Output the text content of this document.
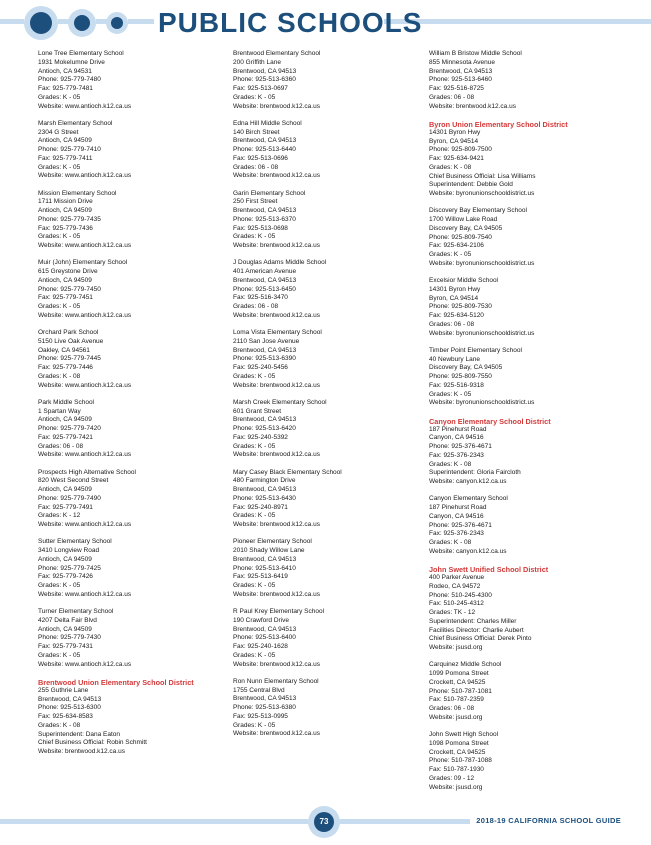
PUBLIC SCHOOLS
Lone Tree Elementary School
1931 Mokelumne Drive
Antioch, CA 94531
Phone: 925-779-7480
Fax: 925-779-7481
Grades: K - 05
Website: www.antioch.k12.ca.us
Marsh Elementary School
2304 G Street
Antioch, CA 94509
Phone: 925-779-7410
Fax: 925-779-7411
Grades: K - 05
Website: www.antioch.k12.ca.us
Mission Elementary School
1711 Mission Drive
Antioch, CA 94509
Phone: 925-779-7435
Fax: 925-779-7436
Grades: K - 05
Website: www.antioch.k12.ca.us
Muir (John) Elementary School
615 Greystone Drive
Antioch, CA 94509
Phone: 925-779-7450
Fax: 925-779-7451
Grades: K - 05
Website: www.antioch.k12.ca.us
Orchard Park School
5150 Live Oak Avenue
Oakley, CA 94561
Phone: 925-779-7445
Fax: 925-779-7446
Grades: K - 08
Website: www.antioch.k12.ca.us
Park Middle School
1 Spartan Way
Antioch, CA 94509
Phone: 925-779-7420
Fax: 925-779-7421
Grades: 06 - 08
Website: www.antioch.k12.ca.us
Prospects High Alternative School
820 West Second Street
Antioch, CA 94509
Phone: 925-779-7490
Fax: 925-779-7491
Grades: K - 12
Website: www.antioch.k12.ca.us
Sutter Elementary School
3410 Longview Road
Antioch, CA 94509
Phone: 925-779-7425
Fax: 925-779-7426
Grades: K - 05
Website: www.antioch.k12.ca.us
Turner Elementary School
4207 Delta Fair Blvd
Antioch, CA 94509
Phone: 925-779-7430
Fax: 925-779-7431
Grades: K - 05
Website: www.antioch.k12.ca.us
Brentwood Union Elementary School District
255 Guthrie Lane
Brentwood, CA 94513
Phone: 925-513-6300
Fax: 925-634-8583
Grades: K - 08
Superintendent: Dana Eaton
Chief Business Official: Robin Schmitt
Website: brentwood.k12.ca.us
Brentwood Elementary School
200 Griffith Lane
Brentwood, CA 94513
Phone: 925-513-6360
Fax: 925-513-0697
Grades: K - 05
Website: brentwood.k12.ca.us
Edna Hill Middle School
140 Birch Street
Brentwood, CA 94513
Phone: 925-513-6440
Fax: 925-513-0696
Grades: 06 - 08
Website: brentwood.k12.ca.us
Garin Elementary School
250 First Street
Brentwood, CA 94513
Phone: 925-513-6370
Fax: 925-513-0698
Grades: K - 05
Website: brentwood.k12.ca.us
J Douglas Adams Middle School
401 American Avenue
Brentwood, CA 94513
Phone: 925-513-6450
Fax: 925-516-3470
Grades: 06 - 08
Website: brentwood.k12.ca.us
Loma Vista Elementary School
2110 San Jose Avenue
Brentwood, CA 94513
Phone: 925-513-6390
Fax: 925-240-5456
Grades: K - 05
Website: brentwood.k12.ca.us
Marsh Creek Elementary School
601 Grant Street
Brentwood, CA 94513
Phone: 925-513-6420
Fax: 925-240-5392
Grades: K - 05
Website: brentwood.k12.ca.us
Mary Casey Black Elementary School
480 Farmington Drive
Brentwood, CA 94513
Phone: 925-513-6430
Fax: 925-240-8971
Grades: K - 05
Website: brentwood.k12.ca.us
Pioneer Elementary School
2010 Shady Willow Lane
Brentwood, CA 94513
Phone: 925-513-6410
Fax: 925-513-6419
Grades: K - 05
Website: brentwood.k12.ca.us
R Paul Krey Elementary School
190 Crawford Drive
Brentwood, CA 94513
Phone: 925-513-6400
Fax: 925-240-1628
Grades: K - 05
Website: brentwood.k12.ca.us
Ron Nunn Elementary School
1755 Central Blvd
Brentwood, CA 94513
Phone: 925-513-6380
Fax: 925-513-0995
Grades: K - 05
Website: brentwood.k12.ca.us
William B Bristow Middle School
855 Minnesota Avenue
Brentwood, CA 94513
Phone: 925-513-6460
Fax: 925-516-8725
Grades: 06 - 08
Website: brentwood.k12.ca.us
Byron Union Elementary School District
14301 Byron Hwy
Byron, CA 94514
Phone: 925-809-7500
Fax: 925-634-9421
Grades: K - 08
Chief Business Official: Lisa Williams
Superintendent: Debbie Gold
Website: byronunionschooldistrict.us
Discovery Bay Elementary School
1700 Willow Lake Road
Discovery Bay, CA 94505
Phone: 925-809-7540
Fax: 925-634-2106
Grades: K - 05
Website: byronunionschooldistrict.us
Excelsior Middle School
14301 Byron Hwy
Byron, CA 94514
Phone: 925-809-7530
Fax: 925-634-5120
Grades: 06 - 08
Website: byronunionschooldistrict.us
Timber Point Elementary School
40 Newbury Lane
Discovery Bay, CA 94505
Phone: 925-809-7550
Fax: 925-516-9318
Grades: K - 05
Website: byronunionschooldistrict.us
Canyon Elementary School District
187 Pinehurst Road
Canyon, CA 94516
Phone: 925-376-4671
Fax: 925-376-2343
Grades: K - 08
Superintendent: Gloria Faircloth
Website: canyon.k12.ca.us
Canyon Elementary School
187 Pinehurst Road
Canyon, CA 94516
Phone: 925-376-4671
Fax: 925-376-2343
Grades: K - 08
Website: canyon.k12.ca.us
John Swett Unified School District
400 Parker Avenue
Rodeo, CA 94572
Phone: 510-245-4300
Fax: 510-245-4312
Grades: TK - 12
Superintendent: Charles Miller
Facilities Director: Charlie Aubert
Chief Business Official: Derek Pinto
Website: jsusd.org
Carquinez Middle School
1099 Pomona Street
Crockett, CA 94525
Phone: 510-787-1081
Fax: 510-787-2359
Grades: 06 - 08
Website: jsusd.org
John Swett High School
1098 Pomona Street
Crockett, CA 94525
Phone: 510-787-1088
Fax: 510-787-1930
Grades: 09 - 12
Website: jsusd.org
73	2018-19 CALIFORNIA SCHOOL GUIDE
